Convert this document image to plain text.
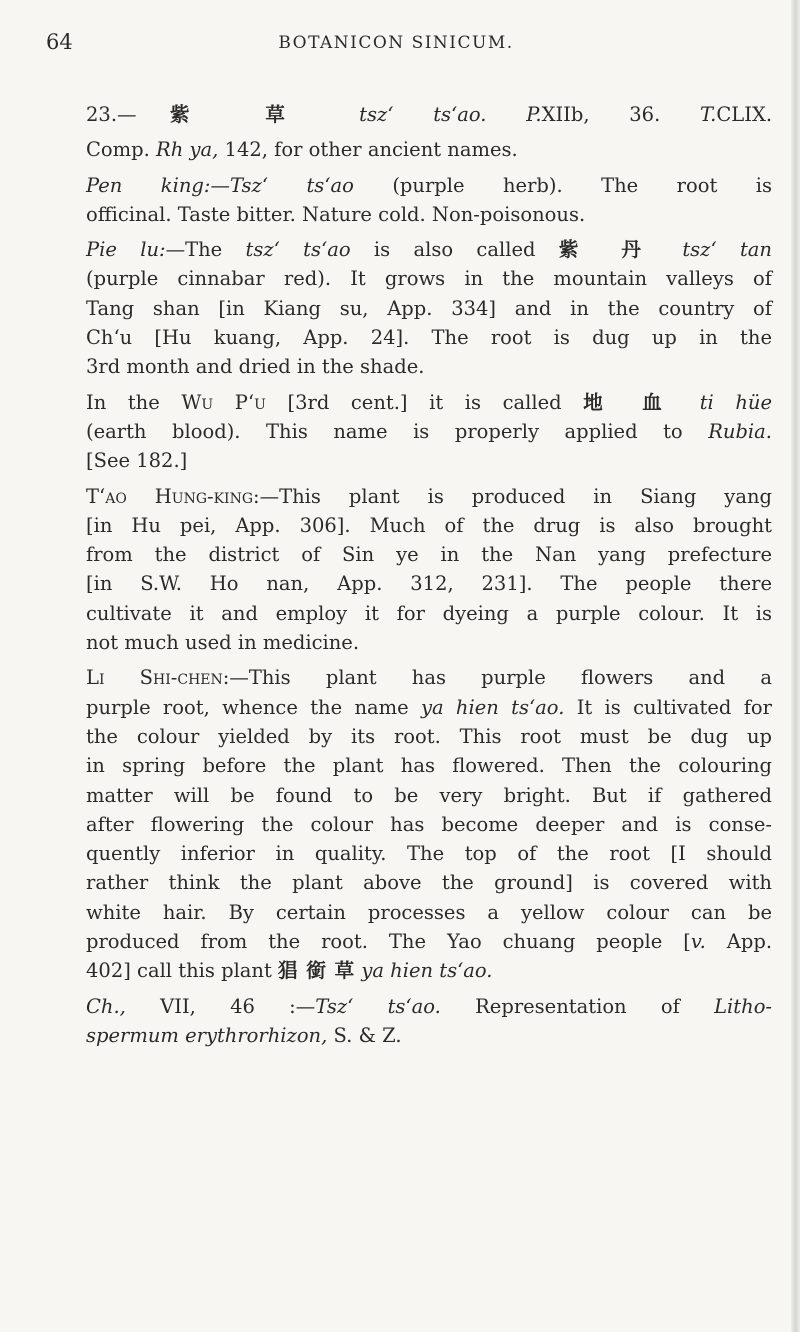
64	BOTANICON SINICUM.

23.—紫 草 tsz‘ ts‘ao. P.XIIb, 36. T.CLIX.

Comp. Rh ya, 142, for other ancient names.

Pen king:—Tsz‘ ts‘ao (purple herb). The root is
officinal. Taste bitter. Nature cold. Non-poisonous.

Pie lu:—The tsz‘ ts‘ao is also called 紫 丹 tsz‘ tan
(purple cinnabar red). It grows in the mountain valleys of
Tang shan [in Kiang su, App. 334] and in the country of
Ch‘u [Hu kuang, App. 24]. The root is dug up in the
3rd month and dried in the shade.

In the Wu P‘u [3rd cent.] it is called 地 血 ti hüe
(earth blood). This name is properly applied to Rubia.
[See 182.]

T‘ao Hung-king:—This plant is produced in Siang yang
[in Hu pei, App. 306]. Much of the drug is also brought
from the district of Sin ye in the Nan yang prefecture
[in S.W. Ho nan, App. 312, 231]. The people there
cultivate it and employ it for dyeing a purple colour. It is
not much used in medicine.

Li Shi-chen:—This plant has purple flowers and a
purple root, whence the name ya hien ts‘ao. It is cultivated for
the colour yielded by its root. This root must be dug up
in spring before the plant has flowered. Then the colouring
matter will be found to be very bright. But if gathered
after flowering the colour has become deeper and is conse-
quently inferior in quality. The top of the root [I should
rather think the plant above the ground] is covered with
white hair. By certain processes a yellow colour can be
produced from the root. The Yao chuang people [v. App.
402] call this plant 猖 銜 草 ya hien ts‘ao.

Ch., VII, 46 :—Tsz‘ ts‘ao. Representation of Litho-
spermum erythrorhizon, S. & Z.
